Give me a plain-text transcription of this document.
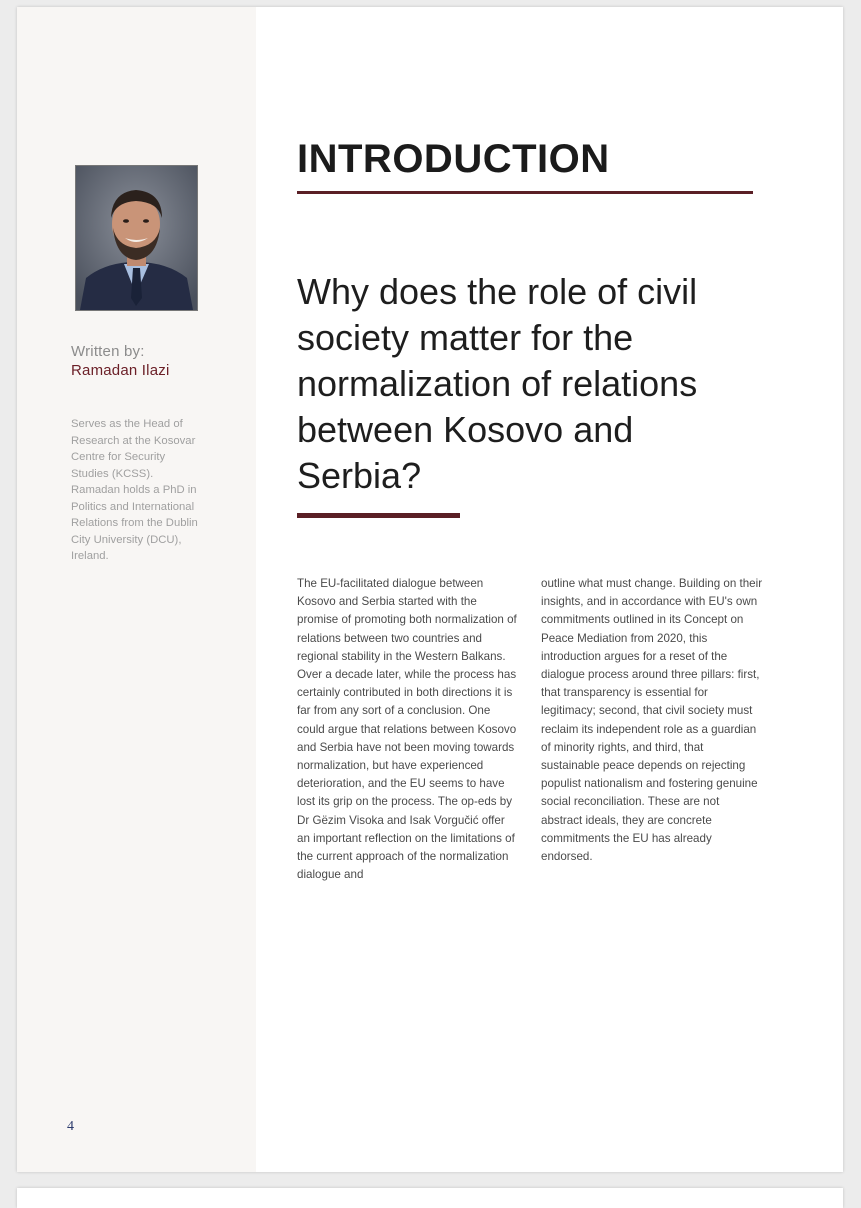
Written by:

Ramadan Ilazi

Serves as the Head of Research at the Kosovar Centre for Security Studies (KCSS). Ramadan holds a PhD in Politics and International Relations from the Dublin City University (DCU), Ireland.

4

INTRODUCTION
Why does the role of civil society matter for the normalization of relations between Kosovo and Serbia?

The EU-facilitated dialogue between Kosovo and Serbia started with the promise of promoting both normalization of relations between two countries and regional stability in the Western Balkans. Over a decade later, while the process has certainly contributed in both directions it is far from any sort of a conclusion. One could argue that relations between Kosovo and Serbia have not been moving towards normalization, but have experienced deterioration, and the EU seems to have lost its grip on the process. The op-eds by Dr Gëzim Visoka and Isak Vorgučić offer an important reflection on the limitations of the current approach of the normalization dialogue and

outline what must change. Building on their insights, and in accordance with EU's own commitments outlined in its Concept on Peace Mediation from 2020, this introduction argues for a reset of the dialogue process around three pillars: first, that transparency is essential for legitimacy; second, that civil society must reclaim its independent role as a guardian of minority rights, and third, that sustainable peace depends on rejecting populist nationalism and fostering genuine social reconciliation. These are not abstract ideals, they are concrete commitments the EU has already endorsed.
